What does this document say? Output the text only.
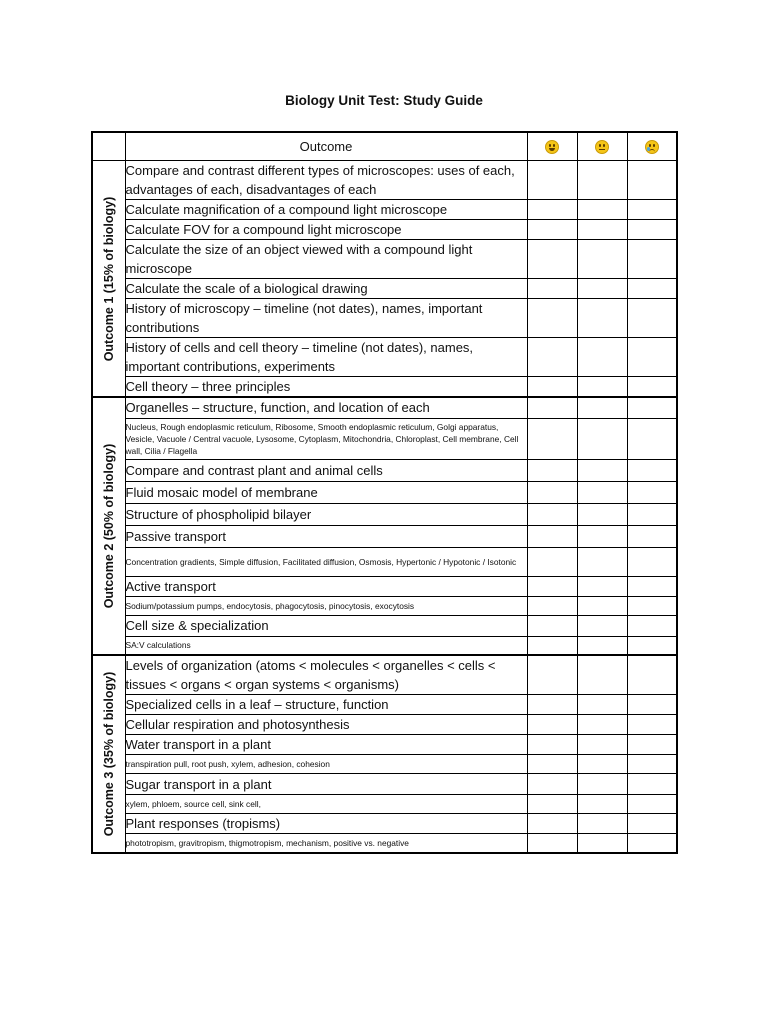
Biology Unit Test: Study Guide
	Outcome	

Outcome 1 (15% of biology)	Compare and contrast different types of microscopes: uses of each, advantages of each, disadvantages of each			
	Calculate magnification of a compound light microscope			
	Calculate FOV for a compound light microscope			
	Calculate the size of an object viewed with a compound light microscope			
	Calculate the scale of a biological drawing			
	History of microscopy – timeline (not dates), names, important contributions			
	History of cells and cell theory – timeline (not dates), names, important contributions, experiments			
	Cell theory – three principles			

Outcome 2 (50% of biology)	Organelles – structure, function, and location of each			
	Nucleus, Rough endoplasmic reticulum, Ribosome, Smooth endoplasmic reticulum, Golgi apparatus, Vesicle, Vacuole / Central vacuole, Lysosome, Cytoplasm, Mitochondria, Chloroplast, Cell membrane, Cell wall, Cilia / Flagella			
	Compare and contrast plant and animal cells			
	Fluid mosaic model of membrane			
	Structure of phospholipid bilayer			
	Passive transport			
	Concentration gradients, Simple diffusion, Facilitated diffusion, Osmosis, Hypertonic / Hypotonic / Isotonic			
	Active transport			
	Sodium/potassium pumps, endocytosis, phagocytosis, pinocytosis, exocytosis			
	Cell size & specialization			
	SA:V calculations			

Outcome 3 (35% of biology)	Levels of organization (atoms < molecules < organelles < cells < tissues < organs < organ systems < organisms)			
	Specialized cells in a leaf – structure, function			
	Cellular respiration and photosynthesis			
	Water transport in a plant			
	transpiration pull, root push, xylem, adhesion, cohesion			
	Sugar transport in a plant			
	xylem, phloem, source cell, sink cell,			
	Plant responses (tropisms)			
	phototropism, gravitropism, thigmotropism, mechanism, positive vs. negative			
